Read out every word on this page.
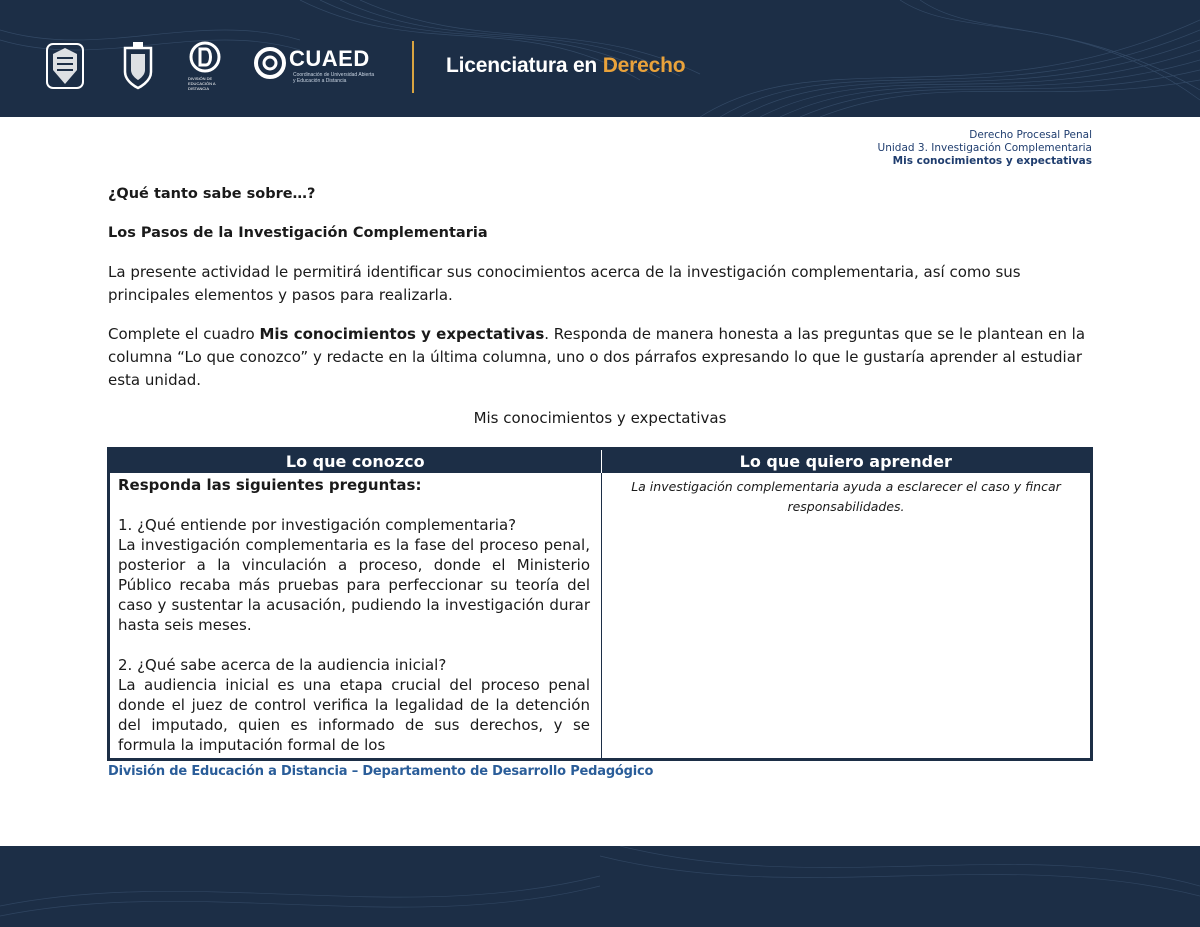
DIVISIÓN DE EDUCACIÓN A DISTANCIA
CUAED
Coordinación de Universidad Abierta y Educación a Distancia
Licenciatura en Derecho
Derecho Procesal Penal
Unidad 3. Investigación Complementaria
Mis conocimientos y expectativas

¿Qué tanto sabe sobre…?

Los Pasos de la Investigación Complementaria

La presente actividad le permitirá identificar sus conocimientos acerca de la investigación complementaria, así como sus principales elementos y pasos para realizarla.

Complete el cuadro Mis conocimientos y expectativas. Responda de manera honesta a las preguntas que se le plantean en la columna “Lo que conozco” y redacte en la última columna, uno o dos párrafos expresando lo que le gustaría aprender al estudiar esta unidad.

Mis conocimientos y expectativas
Lo que conozco	Lo que quiero aprender

Responda las siguientes preguntas:

1. ¿Qué entiende por investigación complementaria?

La investigación complementaria es la fase del proceso penal, posterior a la vinculación a proceso, donde el Ministerio Público recaba más pruebas para perfeccionar su teoría del caso y sustentar la acusación, pudiendo la investigación durar hasta seis meses.

2. ¿Qué sabe acerca de la audiencia inicial?

La audiencia inicial es una etapa crucial del proceso penal donde el juez de control verifica la legalidad de la detención del imputado, quien es informado de sus derechos, y se formula la imputación formal de los

La investigación complementaria ayuda a esclarecer el caso y fincar responsabilidades.

División de Educación a Distancia – Departamento de Desarrollo Pedagógico
